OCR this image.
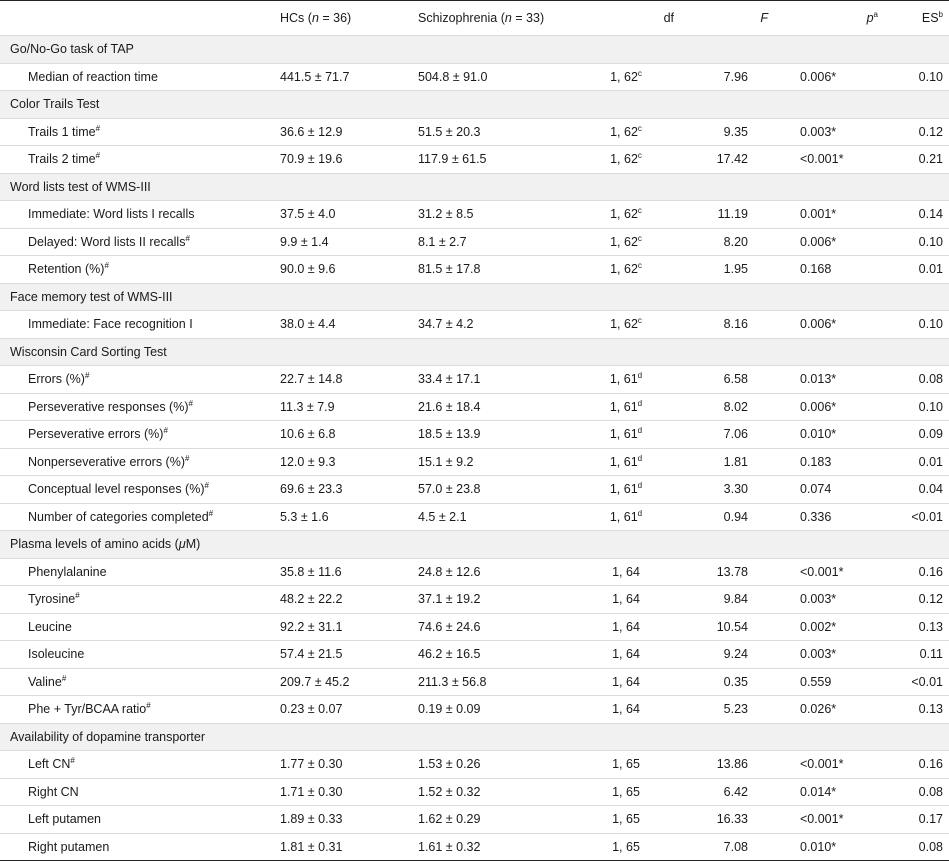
	HCs (n = 36)	Schizophrenia (n = 33)	df	F	$p^a$	$ES^b$
Go/No-Go task of TAP						
Median of reaction time	441.5 ± 71.7	504.8 ± 91.0	1, 62$^c$	7.96	0.006*	0.10
Color Trails Test						
Trails 1 time#	36.6 ± 12.9	51.5 ± 20.3	1, 62$^c$	9.35	0.003*	0.12
Trails 2 time#	70.9 ± 19.6	117.9 ± 61.5	1, 62$^c$	17.42	<0.001*	0.21
Word lists test of WMS-III						
Immediate: Word lists I recalls	37.5 ± 4.0	31.2 ± 8.5	1, 62$^c$	11.19	0.001*	0.14
Delayed: Word lists II recalls#	9.9 ± 1.4	8.1 ± 2.7	1, 62$^c$	8.20	0.006*	0.10
Retention (%)#	90.0 ± 9.6	81.5 ± 17.8	1, 62$^c$	1.95	0.168	0.01
Face memory test of WMS-III						
Immediate: Face recognition I	38.0 ± 4.4	34.7 ± 4.2	1, 62$^c$	8.16	0.006*	0.10
Wisconsin Card Sorting Test						
Errors (%)#	22.7 ± 14.8	33.4 ± 17.1	1, 61$^d$	6.58	0.013*	0.08
Perseverative responses (%)#	11.3 ± 7.9	21.6 ± 18.4	1, 61$^d$	8.02	0.006*	0.10
Perseverative errors (%)#	10.6 ± 6.8	18.5 ± 13.9	1, 61$^d$	7.06	0.010*	0.09
Nonperseverative errors (%)#	12.0 ± 9.3	15.1 ± 9.2	1, 61$^d$	1.81	0.183	0.01
Conceptual level responses (%)#	69.6 ± 23.3	57.0 ± 23.8	1, 61$^d$	3.30	0.074	0.04
Number of categories completed#	5.3 ± 1.6	4.5 ± 2.1	1, 61$^d$	0.94	0.336	<0.01
Plasma levels of amino acids (μM)						
Phenylalanine	35.8 ± 11.6	24.8 ± 12.6	1, 64	13.78	<0.001*	0.16
Tyrosine#	48.2 ± 22.2	37.1 ± 19.2	1, 64	9.84	0.003*	0.12
Leucine	92.2 ± 31.1	74.6 ± 24.6	1, 64	10.54	0.002*	0.13
Isoleucine	57.4 ± 21.5	46.2 ± 16.5	1, 64	9.24	0.003*	0.11
Valine#	209.7 ± 45.2	211.3 ± 56.8	1, 64	0.35	0.559	<0.01
Phe + Tyr/BCAA ratio#	0.23 ± 0.07	0.19 ± 0.09	1, 64	5.23	0.026*	0.13
Availability of dopamine transporter						
Left CN#	1.77 ± 0.30	1.53 ± 0.26	1, 65	13.86	<0.001*	0.16
Right CN	1.71 ± 0.30	1.52 ± 0.32	1, 65	6.42	0.014*	0.08
Left putamen	1.89 ± 0.33	1.62 ± 0.29	1, 65	16.33	<0.001*	0.17
Right putamen	1.81 ± 0.31	1.61 ± 0.32	1, 65	7.08	0.010*	0.08
